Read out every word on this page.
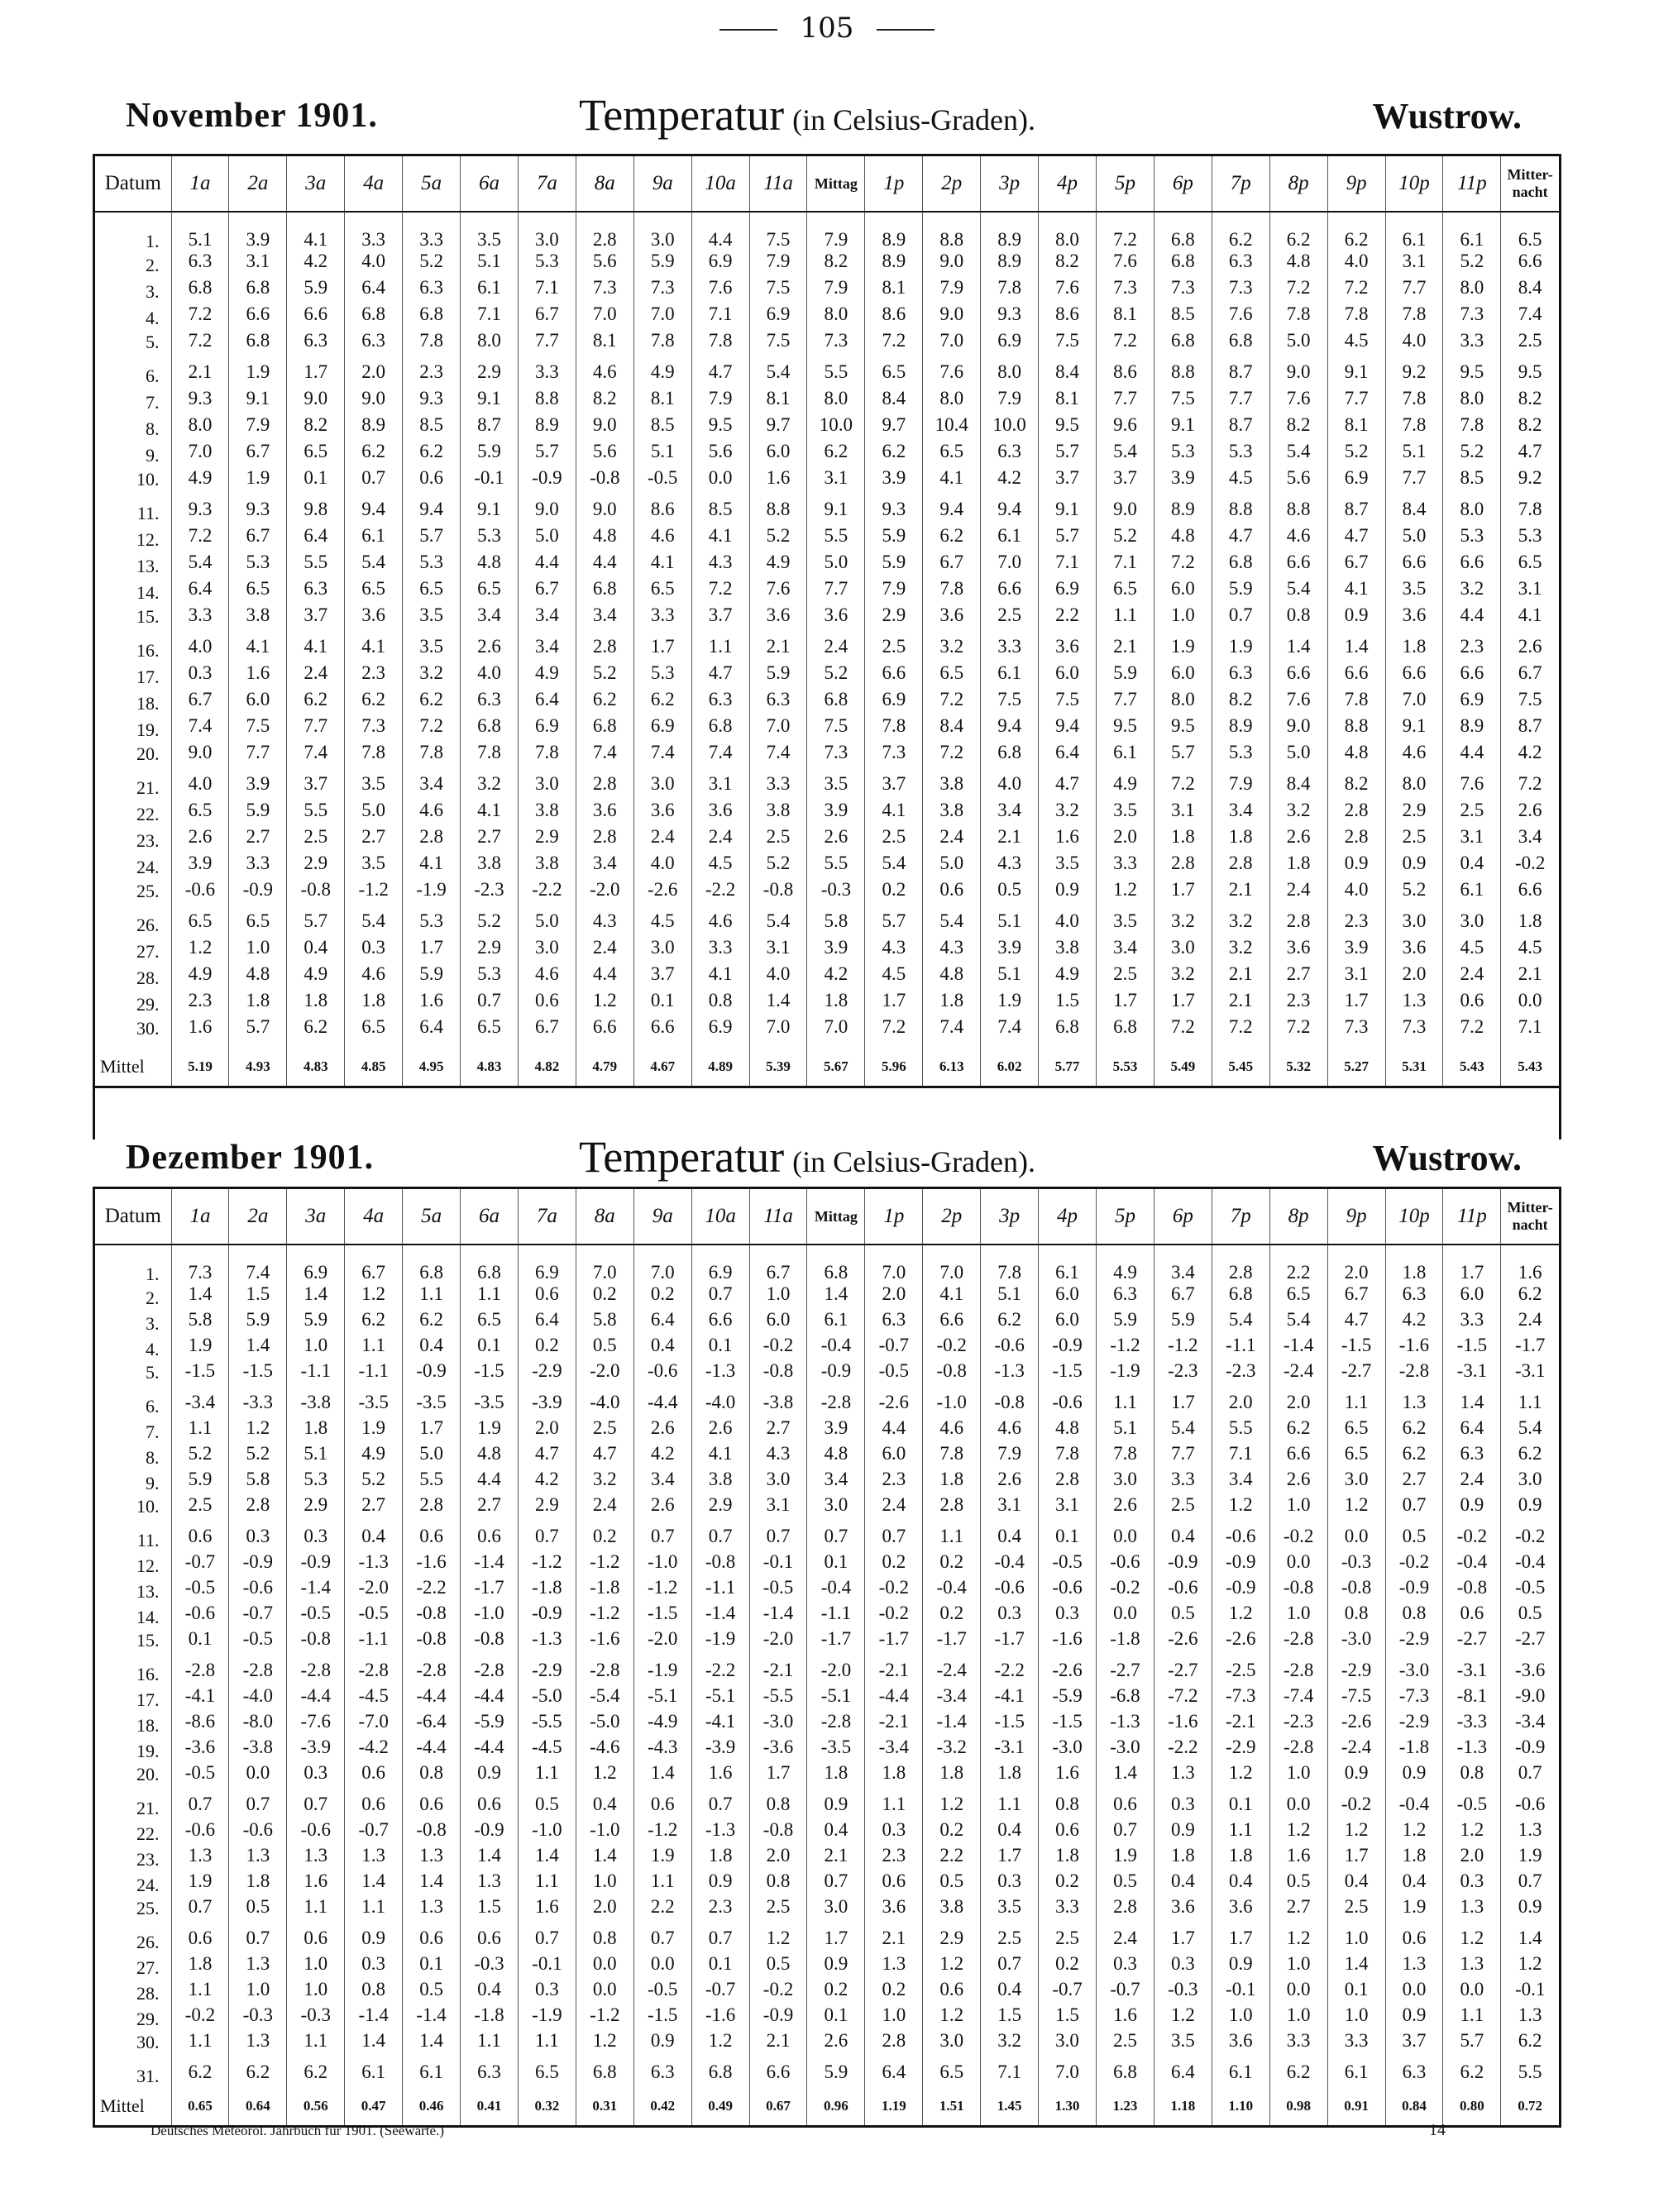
105
November 1901.	Temperatur (in Celsius-Graden).	Wustrow.
Datum	1a	2a	3a	4a	5a	6a	7a	8a	9a	10a	11a	Mittag	1p	2p	3p	4p	5p	6p	7p	8p	9p	10p	11p	Mitter-nacht
1.	5.1	3.9	4.1	3.3	3.3	3.5	3.0	2.8	3.0	4.4	7.5	7.9	8.9	8.8	8.9	8.0	7.2	6.8	6.2	6.2	6.2	6.1	6.1	6.5
2.	6.3	3.1	4.2	4.0	5.2	5.1	5.3	5.6	5.9	6.9	7.9	8.2	8.9	9.0	8.9	8.2	7.6	6.8	6.3	4.8	4.0	3.1	5.2	6.6
3.	6.8	6.8	5.9	6.4	6.3	6.1	7.1	7.3	7.3	7.6	7.5	7.9	8.1	7.9	7.8	7.6	7.3	7.3	7.3	7.2	7.2	7.7	8.0	8.4
4.	7.2	6.6	6.6	6.8	6.8	7.1	6.7	7.0	7.0	7.1	6.9	8.0	8.6	9.0	9.3	8.6	8.1	8.5	7.6	7.8	7.8	7.8	7.3	7.4
5.	7.2	6.8	6.3	6.3	7.8	8.0	7.7	8.1	7.8	7.8	7.5	7.3	7.2	7.0	6.9	7.5	7.2	6.8	6.8	5.0	4.5	4.0	3.3	2.5
6.	2.1	1.9	1.7	2.0	2.3	2.9	3.3	4.6	4.9	4.7	5.4	5.5	6.5	7.6	8.0	8.4	8.6	8.8	8.7	9.0	9.1	9.2	9.5	9.5
7.	9.3	9.1	9.0	9.0	9.3	9.1	8.8	8.2	8.1	7.9	8.1	8.0	8.4	8.0	7.9	8.1	7.7	7.5	7.7	7.6	7.7	7.8	8.0	8.2
8.	8.0	7.9	8.2	8.9	8.5	8.7	8.9	9.0	8.5	9.5	9.7	10.0	9.7	10.4	10.0	9.5	9.6	9.1	8.7	8.2	8.1	7.8	7.8	8.2
9.	7.0	6.7	6.5	6.2	6.2	5.9	5.7	5.6	5.1	5.6	6.0	6.2	6.2	6.5	6.3	5.7	5.4	5.3	5.3	5.4	5.2	5.1	5.2	4.7
10.	4.9	1.9	0.1	0.7	0.6	-0.1	-0.9	-0.8	-0.5	0.0	1.6	3.1	3.9	4.1	4.2	3.7	3.7	3.9	4.5	5.6	6.9	7.7	8.5	9.2
11.	9.3	9.3	9.8	9.4	9.4	9.1	9.0	9.0	8.6	8.5	8.8	9.1	9.3	9.4	9.4	9.1	9.0	8.9	8.8	8.8	8.7	8.4	8.0	7.8
12.	7.2	6.7	6.4	6.1	5.7	5.3	5.0	4.8	4.6	4.1	5.2	5.5	5.9	6.2	6.1	5.7	5.2	4.8	4.7	4.6	4.7	5.0	5.3	5.3
13.	5.4	5.3	5.5	5.4	5.3	4.8	4.4	4.4	4.1	4.3	4.9	5.0	5.9	6.7	7.0	7.1	7.1	7.2	6.8	6.6	6.7	6.6	6.6	6.5
14.	6.4	6.5	6.3	6.5	6.5	6.5	6.7	6.8	6.5	7.2	7.6	7.7	7.9	7.8	6.6	6.9	6.5	6.0	5.9	5.4	4.1	3.5	3.2	3.1
15.	3.3	3.8	3.7	3.6	3.5	3.4	3.4	3.4	3.3	3.7	3.6	3.6	2.9	3.6	2.5	2.2	1.1	1.0	0.7	0.8	0.9	3.6	4.4	4.1
16.	4.0	4.1	4.1	4.1	3.5	2.6	3.4	2.8	1.7	1.1	2.1	2.4	2.5	3.2	3.3	3.6	2.1	1.9	1.9	1.4	1.4	1.8	2.3	2.6
17.	0.3	1.6	2.4	2.3	3.2	4.0	4.9	5.2	5.3	4.7	5.9	5.2	6.6	6.5	6.1	6.0	5.9	6.0	6.3	6.6	6.6	6.6	6.6	6.7
18.	6.7	6.0	6.2	6.2	6.2	6.3	6.4	6.2	6.2	6.3	6.3	6.8	6.9	7.2	7.5	7.5	7.7	8.0	8.2	7.6	7.8	7.0	6.9	7.5
19.	7.4	7.5	7.7	7.3	7.2	6.8	6.9	6.8	6.9	6.8	7.0	7.5	7.8	8.4	9.4	9.4	9.5	9.5	8.9	9.0	8.8	9.1	8.9	8.7
20.	9.0	7.7	7.4	7.8	7.8	7.8	7.8	7.4	7.4	7.4	7.4	7.3	7.3	7.2	6.8	6.4	6.1	5.7	5.3	5.0	4.8	4.6	4.4	4.2
21.	4.0	3.9	3.7	3.5	3.4	3.2	3.0	2.8	3.0	3.1	3.3	3.5	3.7	3.8	4.0	4.7	4.9	7.2	7.9	8.4	8.2	8.0	7.6	7.2
22.	6.5	5.9	5.5	5.0	4.6	4.1	3.8	3.6	3.6	3.6	3.8	3.9	4.1	3.8	3.4	3.2	3.5	3.1	3.4	3.2	2.8	2.9	2.5	2.6
23.	2.6	2.7	2.5	2.7	2.8	2.7	2.9	2.8	2.4	2.4	2.5	2.6	2.5	2.4	2.1	1.6	2.0	1.8	1.8	2.6	2.8	2.5	3.1	3.4
24.	3.9	3.3	2.9	3.5	4.1	3.8	3.8	3.4	4.0	4.5	5.2	5.5	5.4	5.0	4.3	3.5	3.3	2.8	2.8	1.8	0.9	0.9	0.4	-0.2
25.	-0.6	-0.9	-0.8	-1.2	-1.9	-2.3	-2.2	-2.0	-2.6	-2.2	-0.8	-0.3	0.2	0.6	0.5	0.9	1.2	1.7	2.1	2.4	4.0	5.2	6.1	6.6
26.	6.5	6.5	5.7	5.4	5.3	5.2	5.0	4.3	4.5	4.6	5.4	5.8	5.7	5.4	5.1	4.0	3.5	3.2	3.2	2.8	2.3	3.0	3.0	1.8
27.	1.2	1.0	0.4	0.3	1.7	2.9	3.0	2.4	3.0	3.3	3.1	3.9	4.3	4.3	3.9	3.8	3.4	3.0	3.2	3.6	3.9	3.6	4.5	4.5
28.	4.9	4.8	4.9	4.6	5.9	5.3	4.6	4.4	3.7	4.1	4.0	4.2	4.5	4.8	5.1	4.9	2.5	3.2	2.1	2.7	3.1	2.0	2.4	2.1
29.	2.3	1.8	1.8	1.8	1.6	0.7	0.6	1.2	0.1	0.8	1.4	1.8	1.7	1.8	1.9	1.5	1.7	1.7	2.1	2.3	1.7	1.3	0.6	0.0
30.	1.6	5.7	6.2	6.5	6.4	6.5	6.7	6.6	6.6	6.9	7.0	7.0	7.2	7.4	7.4	6.8	6.8	7.2	7.2	7.2	7.3	7.3	7.2	7.1
Mittel	5.19	4.93	4.83	4.85	4.95	4.83	4.82	4.79	4.67	4.89	5.39	5.67	5.96	6.13	6.02	5.77	5.53	5.49	5.45	5.32	5.27	5.31	5.43	5.43
Dezember 1901.	Temperatur (in Celsius-Graden).	Wustrow.
Datum	1a	2a	3a	4a	5a	6a	7a	8a	9a	10a	11a	Mittag	1p	2p	3p	4p	5p	6p	7p	8p	9p	10p	11p	Mitter-nacht
1.	7.3	7.4	6.9	6.7	6.8	6.8	6.9	7.0	7.0	6.9	6.7	6.8	7.0	7.0	7.8	6.1	4.9	3.4	2.8	2.2	2.0	1.8	1.7	1.6
2.	1.4	1.5	1.4	1.2	1.1	1.1	0.6	0.2	0.2	0.7	1.0	1.4	2.0	4.1	5.1	6.0	6.3	6.7	6.8	6.5	6.7	6.3	6.0	6.2
3.	5.8	5.9	5.9	6.2	6.2	6.5	6.4	5.8	6.4	6.6	6.0	6.1	6.3	6.6	6.2	6.0	5.9	5.9	5.4	5.4	4.7	4.2	3.3	2.4
4.	1.9	1.4	1.0	1.1	0.4	0.1	0.2	0.5	0.4	0.1	-0.2	-0.4	-0.7	-0.2	-0.6	-0.9	-1.2	-1.2	-1.1	-1.4	-1.5	-1.6	-1.5	-1.7
5.	-1.5	-1.5	-1.1	-1.1	-0.9	-1.5	-2.9	-2.0	-0.6	-1.3	-0.8	-0.9	-0.5	-0.8	-1.3	-1.5	-1.9	-2.3	-2.3	-2.4	-2.7	-2.8	-3.1	-3.1
6.	-3.4	-3.3	-3.8	-3.5	-3.5	-3.5	-3.9	-4.0	-4.4	-4.0	-3.8	-2.8	-2.6	-1.0	-0.8	-0.6	1.1	1.7	2.0	2.0	1.1	1.3	1.4	1.1
7.	1.1	1.2	1.8	1.9	1.7	1.9	2.0	2.5	2.6	2.6	2.7	3.9	4.4	4.6	4.6	4.8	5.1	5.4	5.5	6.2	6.5	6.2	6.4	5.4
8.	5.2	5.2	5.1	4.9	5.0	4.8	4.7	4.7	4.2	4.1	4.3	4.8	6.0	7.8	7.9	7.8	7.8	7.7	7.1	6.6	6.5	6.2	6.3	6.2
9.	5.9	5.8	5.3	5.2	5.5	4.4	4.2	3.2	3.4	3.8	3.0	3.4	2.3	1.8	2.6	2.8	3.0	3.3	3.4	2.6	3.0	2.7	2.4	3.0
10.	2.5	2.8	2.9	2.7	2.8	2.7	2.9	2.4	2.6	2.9	3.1	3.0	2.4	2.8	3.1	3.1	2.6	2.5	1.2	1.0	1.2	0.7	0.9	0.9
11.	0.6	0.3	0.3	0.4	0.6	0.6	0.7	0.2	0.7	0.7	0.7	0.7	0.7	1.1	0.4	0.1	0.0	0.4	-0.6	-0.2	0.0	0.5	-0.2	-0.2
12.	-0.7	-0.9	-0.9	-1.3	-1.6	-1.4	-1.2	-1.2	-1.0	-0.8	-0.1	0.1	0.2	0.2	-0.4	-0.5	-0.6	-0.9	-0.9	0.0	-0.3	-0.2	-0.4	-0.4
13.	-0.5	-0.6	-1.4	-2.0	-2.2	-1.7	-1.8	-1.8	-1.2	-1.1	-0.5	-0.4	-0.2	-0.4	-0.6	-0.6	-0.2	-0.6	-0.9	-0.8	-0.8	-0.9	-0.8	-0.5
14.	-0.6	-0.7	-0.5	-0.5	-0.8	-1.0	-0.9	-1.2	-1.5	-1.4	-1.4	-1.1	-0.2	0.2	0.3	0.3	0.0	0.5	1.2	1.0	0.8	0.8	0.6	0.5
15.	0.1	-0.5	-0.8	-1.1	-0.8	-0.8	-1.3	-1.6	-2.0	-1.9	-2.0	-1.7	-1.7	-1.7	-1.7	-1.6	-1.8	-2.6	-2.6	-2.8	-3.0	-2.9	-2.7	-2.7
16.	-2.8	-2.8	-2.8	-2.8	-2.8	-2.8	-2.9	-2.8	-1.9	-2.2	-2.1	-2.0	-2.1	-2.4	-2.2	-2.6	-2.7	-2.7	-2.5	-2.8	-2.9	-3.0	-3.1	-3.6
17.	-4.1	-4.0	-4.4	-4.5	-4.4	-4.4	-5.0	-5.4	-5.1	-5.1	-5.5	-5.1	-4.4	-3.4	-4.1	-5.9	-6.8	-7.2	-7.3	-7.4	-7.5	-7.3	-8.1	-9.0
18.	-8.6	-8.0	-7.6	-7.0	-6.4	-5.9	-5.5	-5.0	-4.9	-4.1	-3.0	-2.8	-2.1	-1.4	-1.5	-1.5	-1.3	-1.6	-2.1	-2.3	-2.6	-2.9	-3.3	-3.4
19.	-3.6	-3.8	-3.9	-4.2	-4.4	-4.4	-4.5	-4.6	-4.3	-3.9	-3.6	-3.5	-3.4	-3.2	-3.1	-3.0	-3.0	-2.2	-2.9	-2.8	-2.4	-1.8	-1.3	-0.9
20.	-0.5	0.0	0.3	0.6	0.8	0.9	1.1	1.2	1.4	1.6	1.7	1.8	1.8	1.8	1.8	1.6	1.4	1.3	1.2	1.0	0.9	0.9	0.8	0.7
21.	0.7	0.7	0.7	0.6	0.6	0.6	0.5	0.4	0.6	0.7	0.8	0.9	1.1	1.2	1.1	0.8	0.6	0.3	0.1	0.0	-0.2	-0.4	-0.5	-0.6
22.	-0.6	-0.6	-0.6	-0.7	-0.8	-0.9	-1.0	-1.0	-1.2	-1.3	-0.8	0.4	0.3	0.2	0.4	0.6	0.7	0.9	1.1	1.2	1.2	1.2	1.2	1.3
23.	1.3	1.3	1.3	1.3	1.3	1.4	1.4	1.4	1.9	1.8	2.0	2.1	2.3	2.2	1.7	1.8	1.9	1.8	1.8	1.6	1.7	1.8	2.0	1.9
24.	1.9	1.8	1.6	1.4	1.4	1.3	1.1	1.0	1.1	0.9	0.8	0.7	0.6	0.5	0.3	0.2	0.5	0.4	0.4	0.5	0.4	0.4	0.3	0.7
25.	0.7	0.5	1.1	1.1	1.3	1.5	1.6	2.0	2.2	2.3	2.5	3.0	3.6	3.8	3.5	3.3	2.8	3.6	3.6	2.7	2.5	1.9	1.3	0.9
26.	0.6	0.7	0.6	0.9	0.6	0.6	0.7	0.8	0.7	0.7	1.2	1.7	2.1	2.9	2.5	2.5	2.4	1.7	1.7	1.2	1.0	0.6	1.2	1.4
27.	1.8	1.3	1.0	0.3	0.1	-0.3	-0.1	0.0	0.0	0.1	0.5	0.9	1.3	1.2	0.7	0.2	0.3	0.3	0.9	1.0	1.4	1.3	1.3	1.2
28.	1.1	1.0	1.0	0.8	0.5	0.4	0.3	0.0	-0.5	-0.7	-0.2	0.2	0.2	0.6	0.4	-0.7	-0.7	-0.3	-0.1	0.0	0.1	0.0	0.0	-0.1
29.	-0.2	-0.3	-0.3	-1.4	-1.4	-1.8	-1.9	-1.2	-1.5	-1.6	-0.9	0.1	1.0	1.2	1.5	1.5	1.6	1.2	1.0	1.0	1.0	0.9	1.1	1.3
30.	1.1	1.3	1.1	1.4	1.4	1.1	1.1	1.2	0.9	1.2	2.1	2.6	2.8	3.0	3.2	3.0	2.5	3.5	3.6	3.3	3.3	3.7	5.7	6.2
31.	6.2	6.2	6.2	6.1	6.1	6.3	6.5	6.8	6.3	6.8	6.6	5.9	6.4	6.5	7.1	7.0	6.8	6.4	6.1	6.2	6.1	6.3	6.2	5.5
Mittel	0.65	0.64	0.56	0.47	0.46	0.41	0.32	0.31	0.42	0.49	0.67	0.96	1.19	1.51	1.45	1.30	1.23	1.18	1.10	0.98	0.91	0.84	0.80	0.72
Deutsches Meteorol. Jahrbuch für 1901. (Seewarte.)	14
